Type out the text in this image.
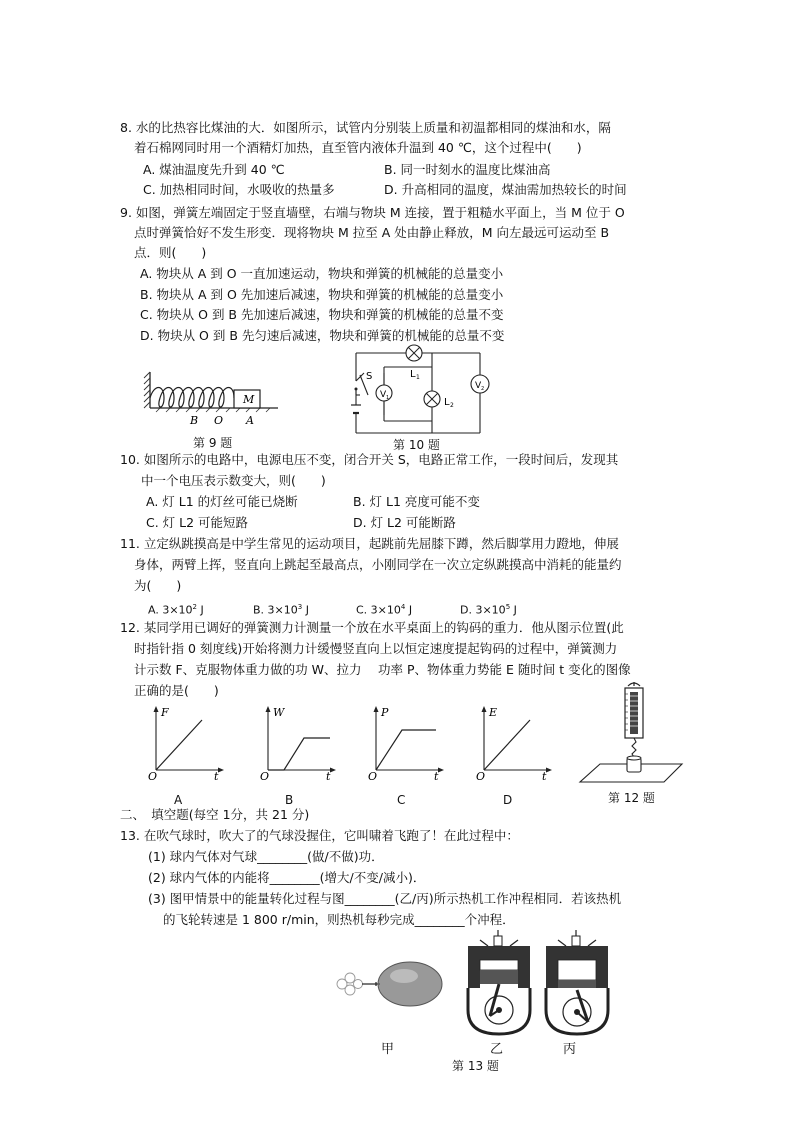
8. 水的比热容比煤油的大．如图所示，试管内分别装上质量和初温都相同的煤油和水，隔
着石棉网同时用一个酒精灯加热，直至管内液体升温到 40 ℃，这个过程中(　　)
A. 煤油温度先升到 40 ℃	B. 同一时刻水的温度比煤油高
C. 加热相同时间，水吸收的热量多	D. 升高相同的温度，煤油需加热较长的时间
9. 如图，弹簧左端固定于竖直墙壁，右端与物块 M 连接，置于粗糙水平面上，当 M 位于 O
点时弹簧恰好不发生形变．现将物块 M 拉至 A 处由静止释放，M 向左最远可运动至 B
点．则(　　)
A. 物块从 A 到 O 一直加速运动，物块和弹簧的机械能的总量变小
B. 物块从 A 到 O 先加速后减速，物块和弹簧的机械能的总量变小
C. 物块从 O 到 B 先加速后减速，物块和弹簧的机械能的总量不变
D. 物块从 O 到 B 先匀速后减速，物块和弹簧的机械能的总量不变
M
B O A
第 9 题
V 1
V 2
S	L 1
L 2
第 10 题
10. 如图所示的电路中，电源电压不变，闭合开关 S，电路正常工作，一段时间后，发现其
中一个电压表示数变大，则(　　)
A. 灯 L1 的灯丝可能已烧断	B. 灯 L1 亮度可能不变
C. 灯 L2 可能短路	D. 灯 L2 可能断路
11. 立定纵跳摸高是中学生常见的运动项目，起跳前先屈膝下蹲，然后脚掌用力蹬地，伸展
身体，两臂上挥，竖直向上跳起至最高点，小刚同学在一次立定纵跳摸高中消耗的能量约
为(　　)
A. $3\times 10^2$ J	B. $3\times 10^3$ J	C. $3\times 10^4$ J	D. $3\times 10^5$ J
12. 某同学用已调好的弹簧测力计测量一个放在水平桌面上的钩码的重力．他从图示位置(此
时指针指 0 刻度线)开始将测力计缓慢竖直向上以恒定速度提起钩码的过程中，弹簧测力
计示数 F、克服物体重力做的功 W、拉力　 功率 P、物体重力势能 E 随时间 t 变化的图像
正确的是(　　)
F
t
O
W
t
O
P
t
O
E
t
O
A	B	C	D	第 12 题
二、　填空题(每空 1分，共 21 分)
13. 在吹气球时，吹大了的气球没握住，它叫啸着飞跑了！在此过程中：
(1) 球内气体对气球________(做/不做)功．
(2) 球内气体的内能将________(增大/不变/减小)．
(3) 图甲情景中的能量转化过程与图________(乙/丙)所示热机工作冲程相同．若该热机
的飞轮转速是 1 800 r/min，则热机每秒完成________个冲程．
甲	乙	丙
第 13 题
